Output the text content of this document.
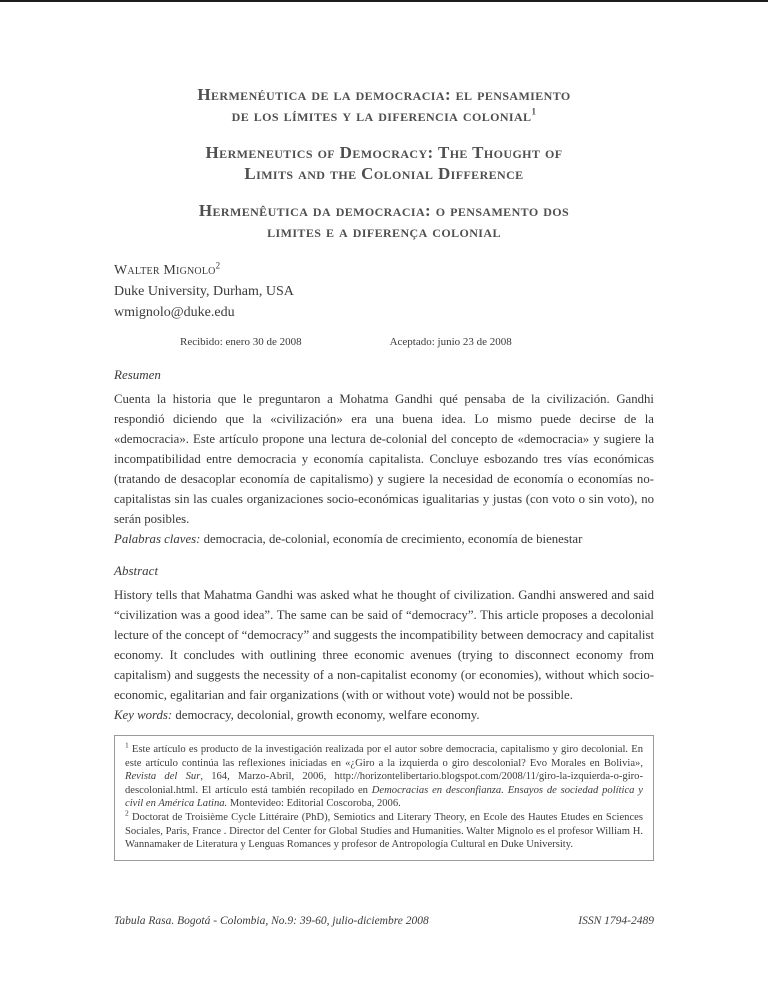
Hermenéutica de la democracia: el pensamiento
de los límites y la diferencia colonial$^1$
Hermeneutics of Democracy: The Thought of
Limits and the Colonial Difference
Hermenêutica da democracia: o pensamento dos
limites e a diferença colonial
Walter Mignolo$^2$
Duke University, Durham, USA
wmignolo@duke.edu
Recibido: enero 30 de 2008	Aceptado: junio 23 de 2008
Resumen

Cuenta la historia que le preguntaron a Mohatma Gandhi qué pensaba de la civilización. Gandhi respondió diciendo que la «civilización» era una buena idea. Lo mismo puede decirse de la «democracia». Este artículo propone una lectura de-colonial del concepto de «democracia» y sugiere la incompatibilidad entre democracia y economía capitalista. Concluye esbozando tres vías económicas (tratando de desacoplar economía de capitalismo) y sugiere la necesidad de economía o economías no-capitalistas sin las cuales organizaciones socio-económicas igualitarias y justas (con voto o sin voto), no serán posibles.

Palabras claves: democracia, de-colonial, economía de crecimiento, economía de bienestar

Abstract

History tells that Mahatma Gandhi was asked what he thought of civilization. Gandhi answered and said “civilization was a good idea”. The same can be said of “democracy”. This article proposes a decolonial lecture of the concept of “democracy” and suggests the incompatibility between democracy and capitalist economy. It concludes with outlining three economic avenues (trying to disconnect economy from capitalism) and suggests the necessity of a non-capitalist economy (or economies), without which socio-economic, egalitarian and fair organizations (with or without vote) would not be possible.

Key words: democracy, decolonial, growth economy, welfare economy.

$^1$ Este artículo es producto de la investigación realizada por el autor sobre democracia, capitalismo y giro decolonial. En este artículo continúa las reflexiones iniciadas en «¿Giro a la izquierda o giro descolonial? Evo Morales en Bolivia», Revista del Sur, 164, Marzo-Abril, 2006, http://horizontelibertario.blogspot.com/2008/11/giro-la-izquierda-o-giro-descolonial.html. El artículo está también recopilado en Democracias en desconfianza. Ensayos de sociedad política y civil en América Latina. Montevideo: Editorial Coscoroba, 2006.

$^2$ Doctorat de Troisième Cycle Littéraire (PhD), Semiotics and Literary Theory, en Ecole des Hautes Etudes en Sciences Sociales, Paris, France . Director del Center for Global Studies and Humanities. Walter Mignolo es el profesor William H. Wannamaker de Literatura y Lenguas Romances y profesor de Antropología Cultural en Duke University.

Tabula Rasa. Bogotá - Colombia, No.9: 39-60, julio-diciembre 2008	ISSN 1794-2489
